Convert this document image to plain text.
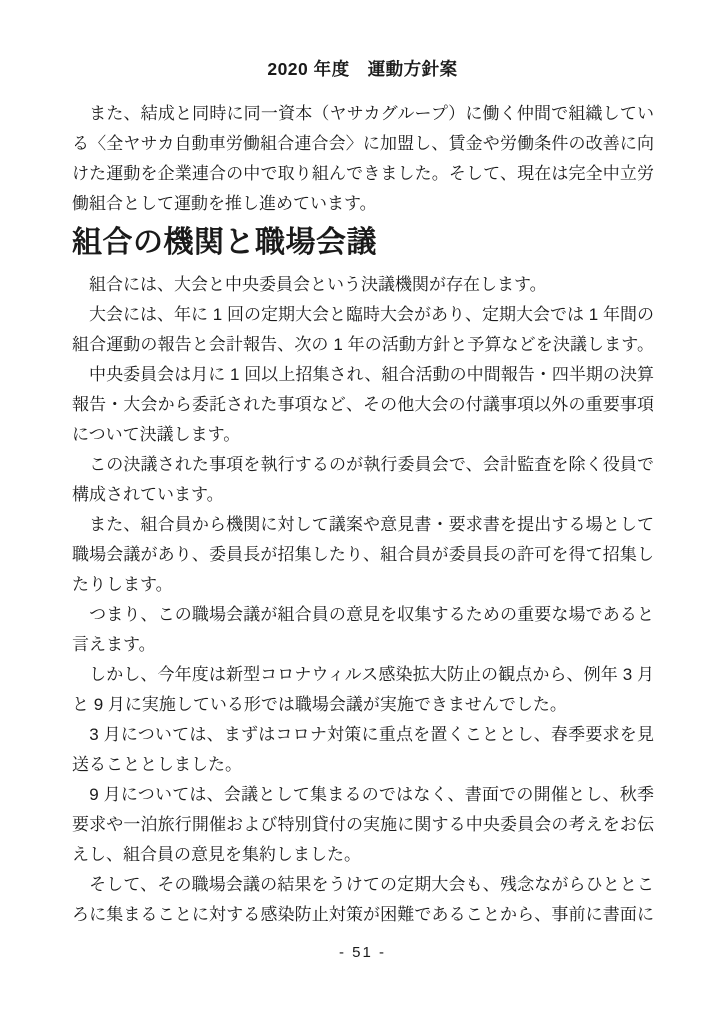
2020 年度　運動方針案
　また、結成と同時に同一資本（ヤサカグループ）に働く仲間で組織してい
る〈全ヤサカ自動車労働組合連合会〉に加盟し、賃金や労働条件の改善に向
けた運動を企業連合の中で取り組んできました。そして、現在は完全中立労
働組合として運動を推し進めています。
組合の機関と職場会議
　組合には、大会と中央委員会という決議機関が存在します。
　大会には、年に 1 回の定期大会と臨時大会があり、定期大会では 1 年間の
組合運動の報告と会計報告、次の 1 年の活動方針と予算などを決議します。
　中央委員会は月に 1 回以上招集され、組合活動の中間報告・四半期の決算
報告・大会から委託された事項など、その他大会の付議事項以外の重要事項
について決議します。
　この決議された事項を執行するのが執行委員会で、会計監査を除く役員で
構成されています。
　また、組合員から機関に対して議案や意見書・要求書を提出する場として
職場会議があり、委員長が招集したり、組合員が委員長の許可を得て招集し
たりします。
　つまり、この職場会議が組合員の意見を収集するための重要な場であると
言えます。
　しかし、今年度は新型コロナウィルス感染拡大防止の観点から、例年 3 月
と 9 月に実施している形では職場会議が実施できませんでした。
　3 月については、まずはコロナ対策に重点を置くこととし、春季要求を見
送ることとしました。
　9 月については、会議として集まるのではなく、書面での開催とし、秋季
要求や一泊旅行開催および特別貸付の実施に関する中央委員会の考えをお伝
えし、組合員の意見を集約しました。
　そして、その職場会議の結果をうけての定期大会も、残念ながらひととこ
ろに集まることに対する感染防止対策が困難であることから、事前に書面に
- 51 -
